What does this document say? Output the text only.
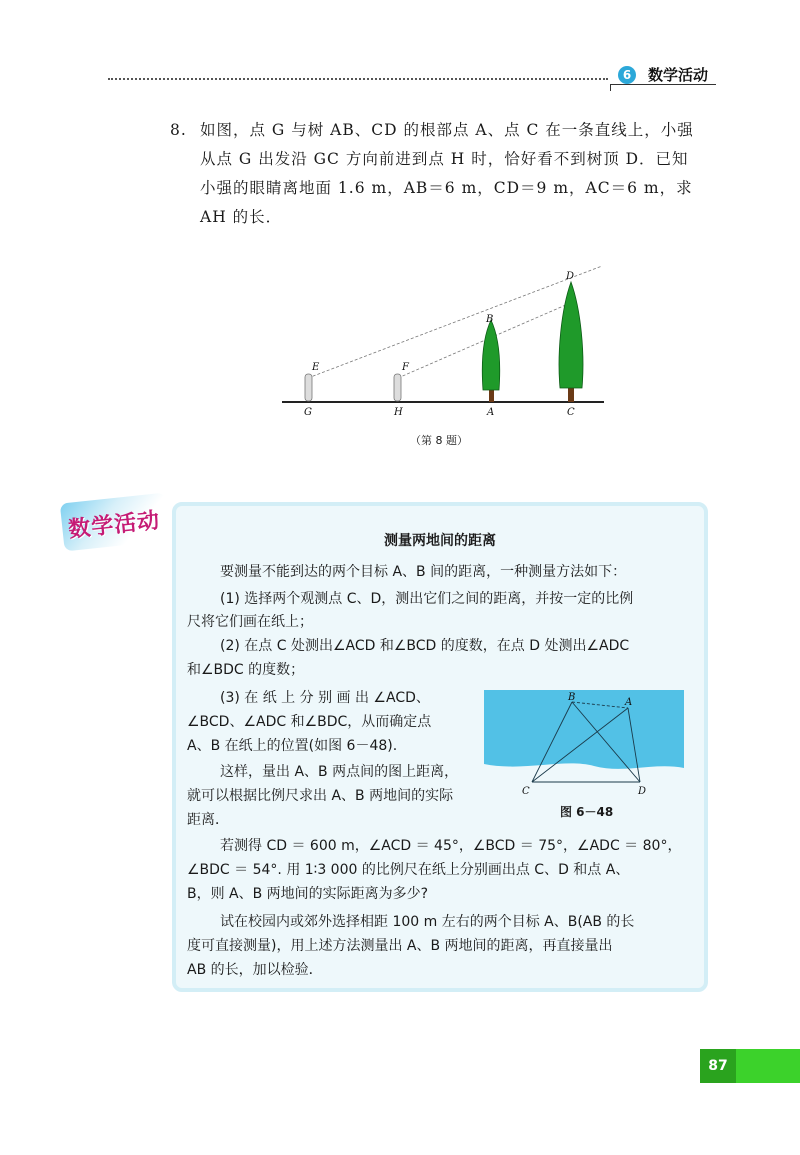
6	数学活动
8. 如图，点 G 与树 AB、CD 的根部点 A、点 C 在一条直线上，小强
从点 G 出发沿 GC 方向前进到点 H 时，恰好看不到树顶 D．已知
小强的眼睛离地面 1.6 m，AB＝6 m，CD＝9 m，AC＝6 m，求
AH 的长．
D
B
E	F
G	H	A	C
（第 8 题）
数学活动	测量两地间的距离
要测量不能到达的两个目标 A、B 间的距离，一种测量方法如下：
(1) 选择两个观测点 C、D，测出它们之间的距离，并按一定的比例
尺将它们画在纸上；
(2) 在点 C 处测出∠ACD 和∠BCD 的度数，在点 D 处测出∠ADC
和∠BDC 的度数；
(3) 在 纸 上 分 别 画 出 ∠ACD、
∠BCD、∠ADC 和∠BDC，从而确定点
A、B 在纸上的位置(如图 6－48).
这样，量出 A、B 两点间的图上距离，
就可以根据比例尺求出 A、B 两地间的实际
距离．
若测得 CD ＝ 600 m，∠ACD ＝ 45°，∠BCD ＝ 75°，∠ADC ＝ 80°，
∠BDC ＝ 54°. 用 1∶3 000 的比例尺在纸上分别画出点 C、D 和点 A、
B，则 A、B 两地间的实际距离为多少?
试在校园内或郊外选择相距 100 m 左右的两个目标 A、B(AB 的长
度可直接测量)，用上述方法测量出 A、B 两地间的距离，再直接量出
AB 的长，加以检验．
B	A
C	D
图 6－48
87
